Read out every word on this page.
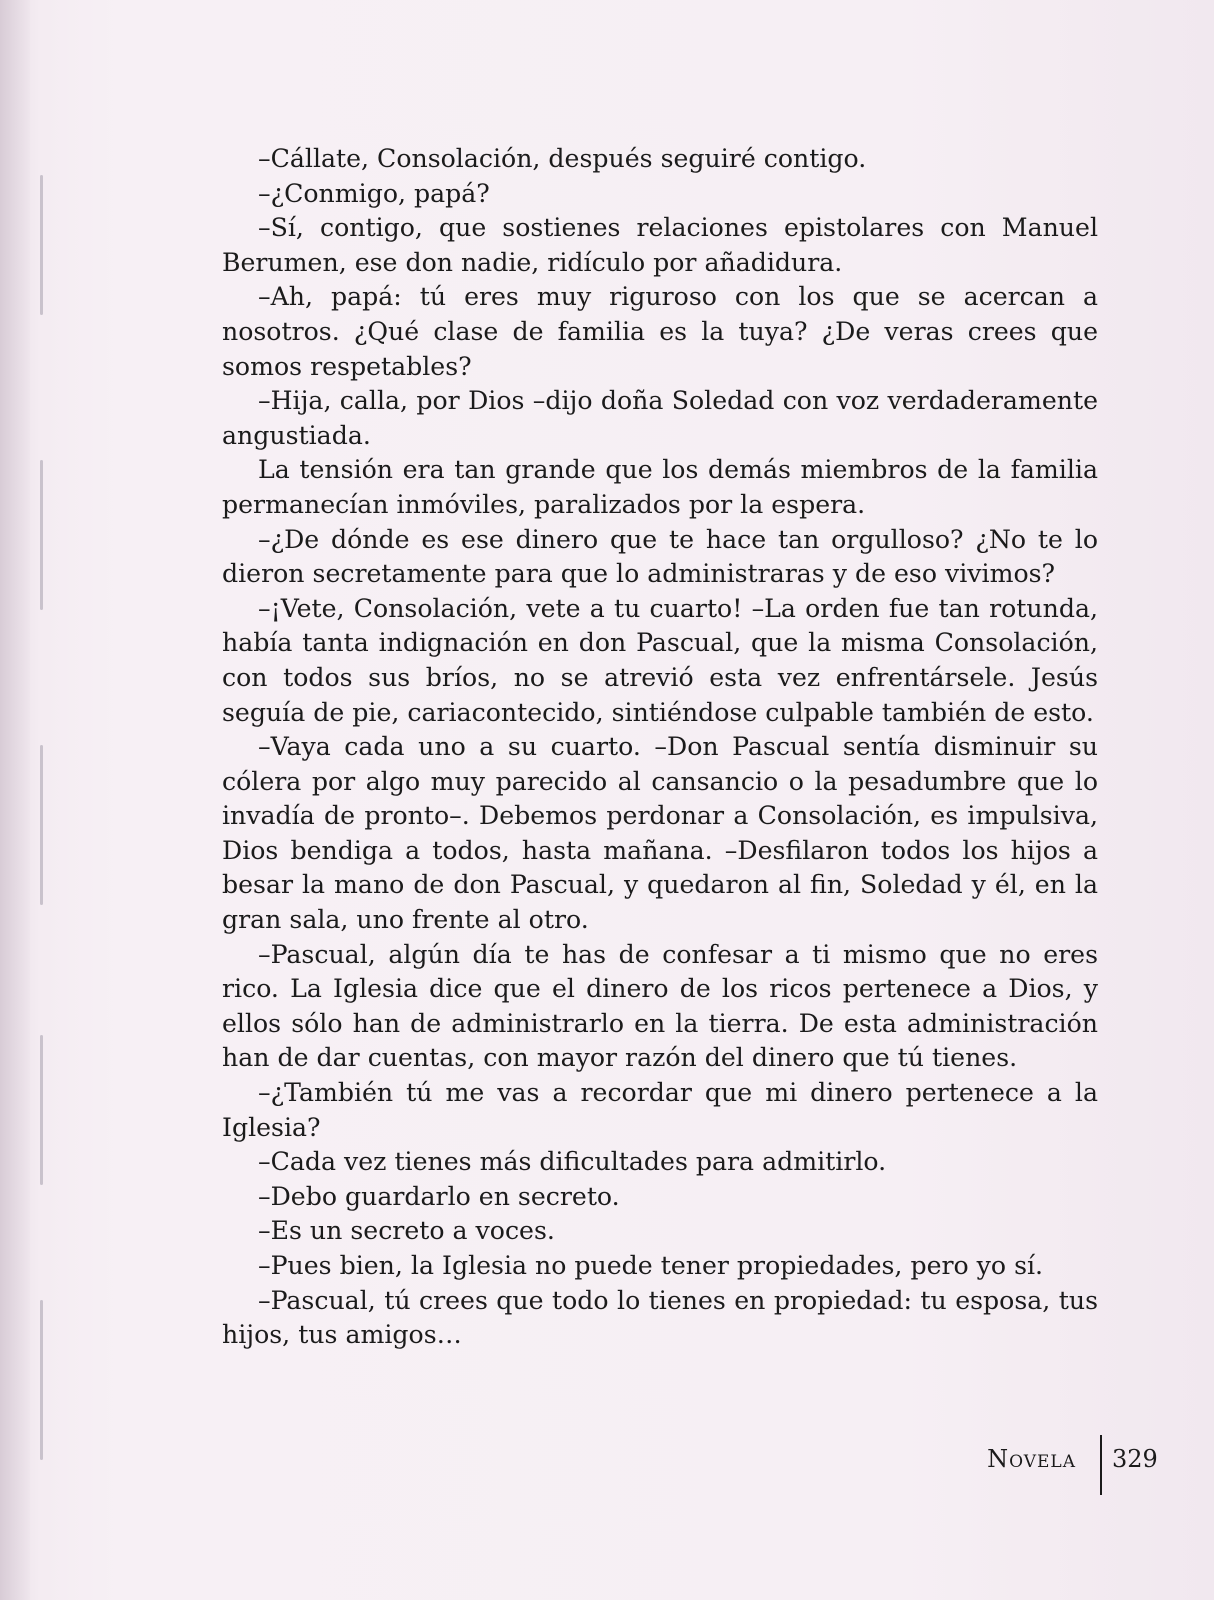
–Cállate, Consolación, después seguiré contigo.

–¿Conmigo, papá?

–Sí, contigo, que sostienes relaciones epistolares con Manuel Berumen, ese don nadie, ridículo por añadidura.

–Ah, papá: tú eres muy riguroso con los que se acercan a nosotros. ¿Qué clase de familia es la tuya? ¿De veras crees que somos respetables?

–Hija, calla, por Dios –dijo doña Soledad con voz verdaderamente angustiada.

La tensión era tan grande que los demás miembros de la familia permanecían inmóviles, paralizados por la espera.

–¿De dónde es ese dinero que te hace tan orgulloso? ¿No te lo dieron secretamente para que lo administraras y de eso vivimos?

–¡Vete, Consolación, vete a tu cuarto! –La orden fue tan rotunda, había tanta indignación en don Pascual, que la misma Consolación, con todos sus bríos, no se atrevió esta vez enfrentársele. Jesús seguía de pie, cariacontecido, sintiéndose culpable también de esto.

–Vaya cada uno a su cuarto. –Don Pascual sentía disminuir su cólera por algo muy parecido al cansancio o la pesadumbre que lo invadía de pronto–. Debemos perdonar a Consolación, es impulsiva, Dios bendiga a todos, hasta mañana. –Desfilaron todos los hijos a besar la mano de don Pascual, y quedaron al fin, Soledad y él, en la gran sala, uno frente al otro.

–Pascual, algún día te has de confesar a ti mismo que no eres rico. La Iglesia dice que el dinero de los ricos pertenece a Dios, y ellos sólo han de administrarlo en la tierra. De esta administración han de dar cuentas, con mayor razón del dinero que tú tienes.

–¿También tú me vas a recordar que mi dinero pertenece a la Iglesia?

–Cada vez tienes más dificultades para admitirlo.

–Debo guardarlo en secreto.

–Es un secreto a voces.

–Pues bien, la Iglesia no puede tener propiedades, pero yo sí.

–Pascual, tú crees que todo lo tienes en propiedad: tu esposa, tus hijos, tus amigos…

Novela 329
